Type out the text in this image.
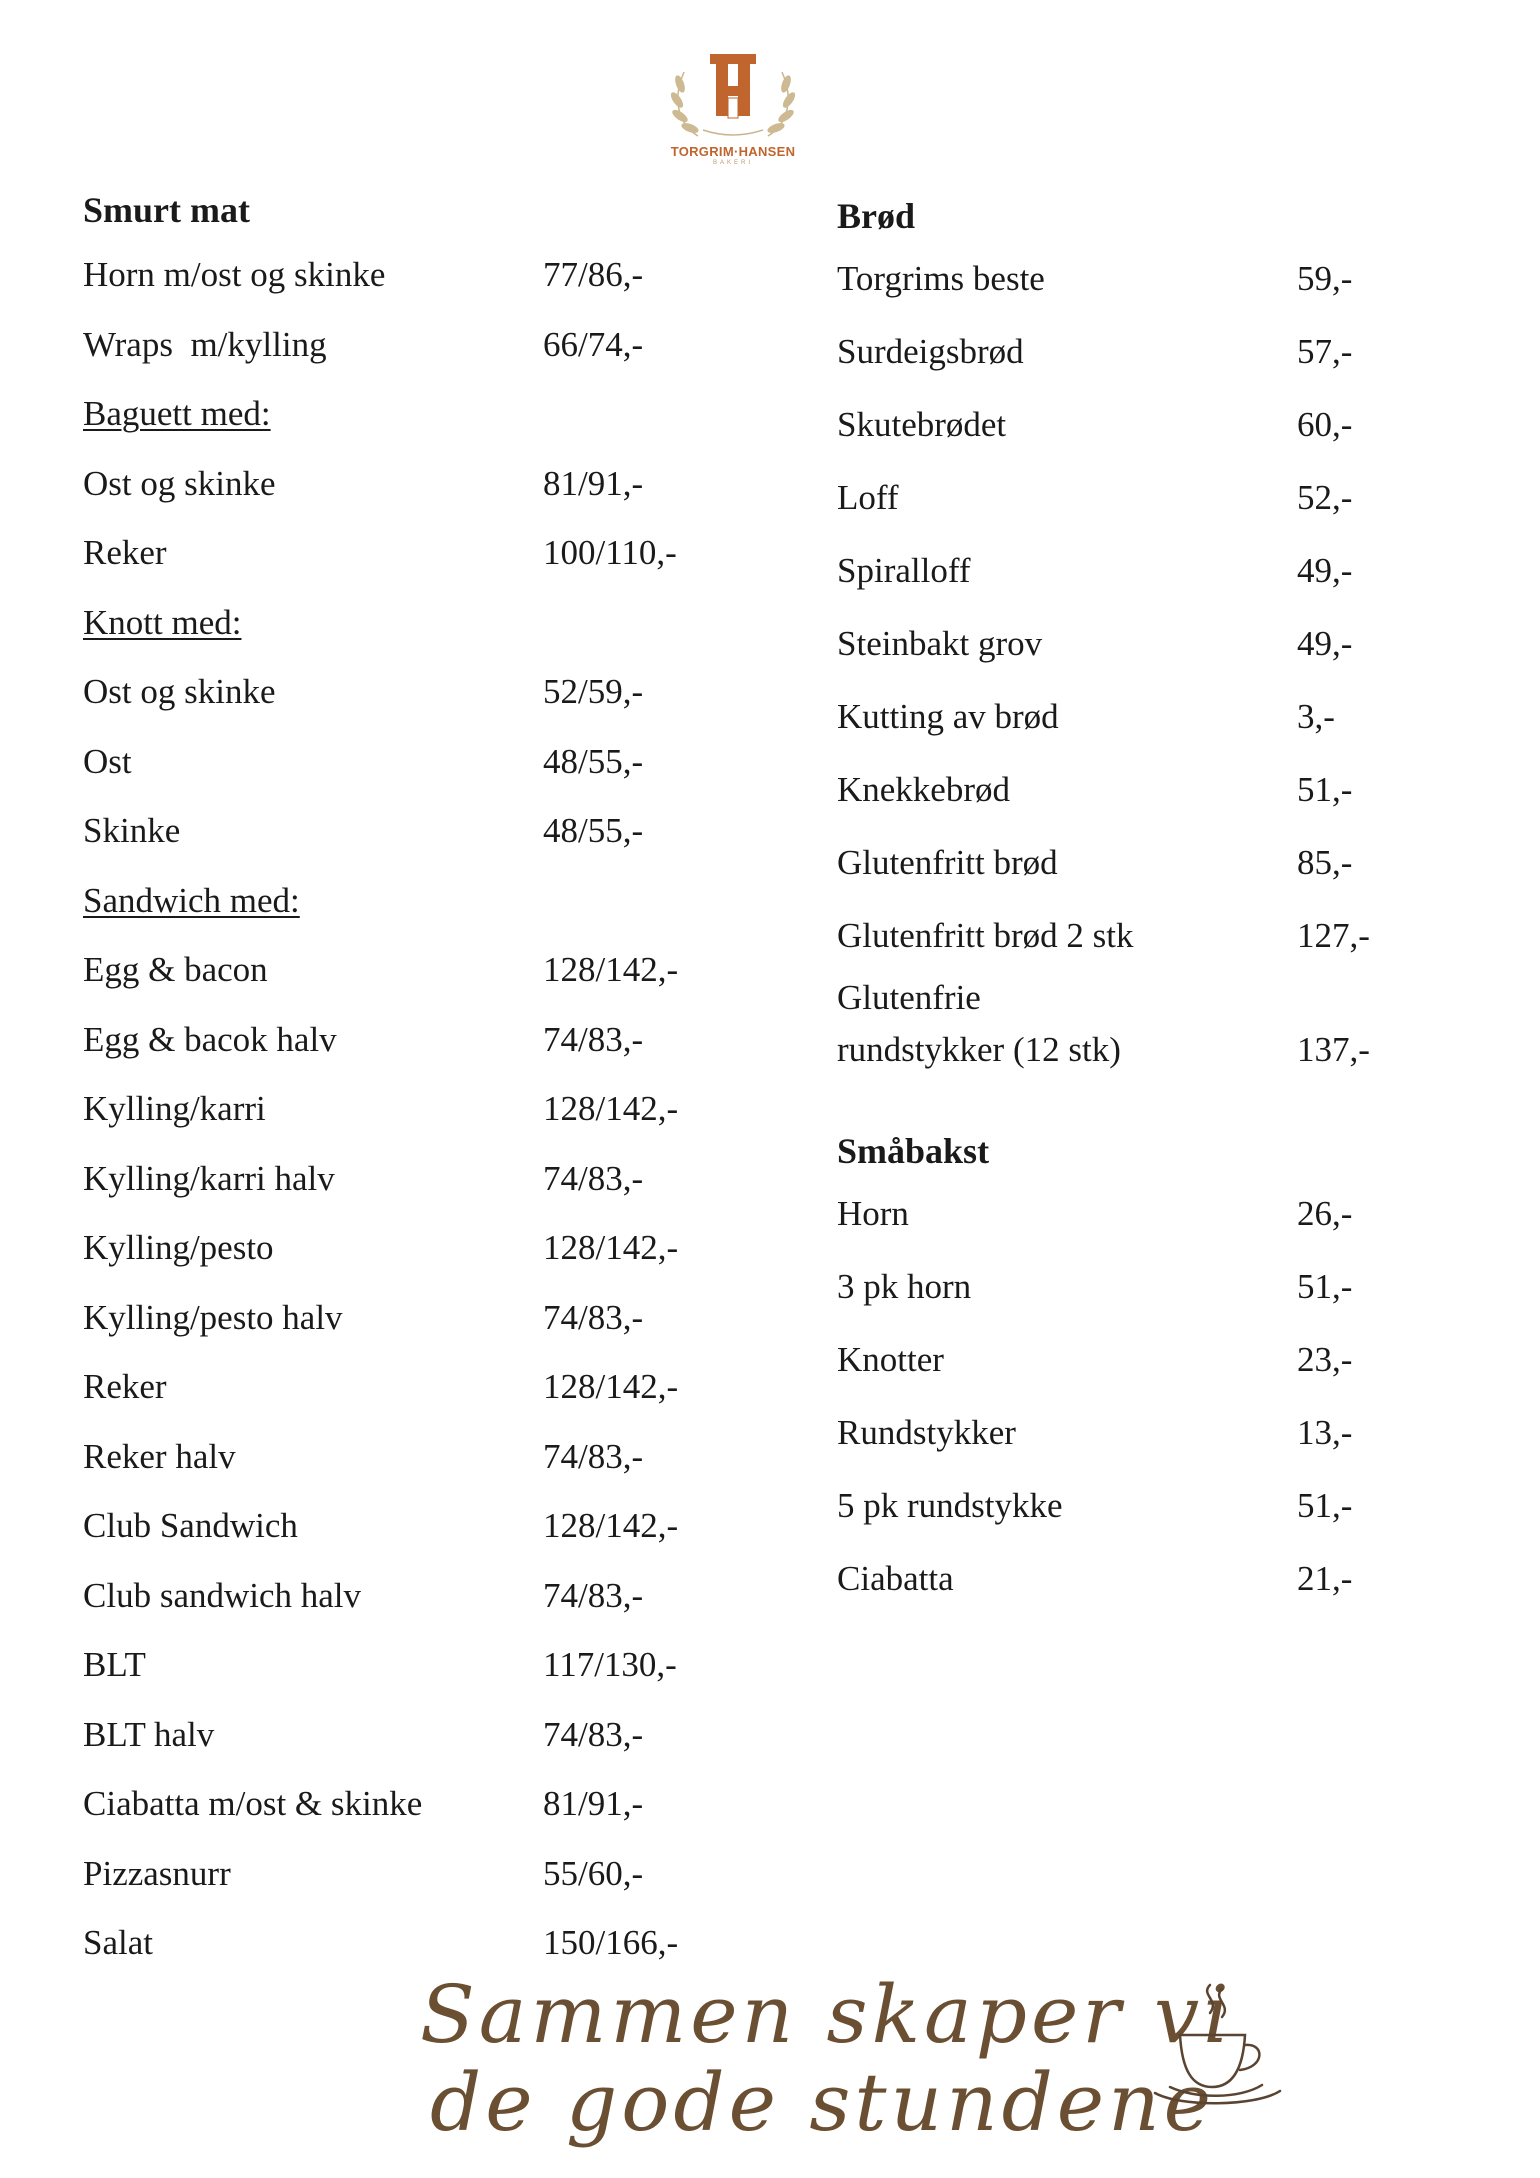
TORGRIM·HANSEN
BAKERI
Smurt mat
Horn m/ost og skinke	77/86,-
Wraps  m/kylling	66/74,-
Baguett med:
Ost og skinke	81/91,-
Reker	100/110,-
Knott med:
Ost og skinke	52/59,-
Ost	48/55,-
Skinke	48/55,-
Sandwich med:
Egg & bacon	128/142,-
Egg & bacok halv	74/83,-
Kylling/karri	128/142,-
Kylling/karri halv	74/83,-
Kylling/pesto	128/142,-
Kylling/pesto halv	74/83,-
Reker	128/142,-
Reker halv	74/83,-
Club Sandwich	128/142,-
Club sandwich halv	74/83,-
BLT	117/130,-
BLT halv	74/83,-
Ciabatta m/ost & skinke	81/91,-
Pizzasnurr	55/60,-
Salat	150/166,-
Brød
Torgrims beste	59,-
Surdeigsbrød	57,-
Skutebrødet	60,-
Loff	52,-
Spiralloff	49,-
Steinbakt grov	49,-
Kutting av brød	3,-
Knekkebrød	51,-
Glutenfritt brød	85,-
Glutenfritt brød 2 stk	127,-
Glutenfrie
rundstykker (12 stk)	137,-
Småbakst
Horn	26,-
3 pk horn	51,-
Knotter	23,-
Rundstykker	13,-
5 pk rundstykke	51,-
Ciabatta	21,-
Sammen skaper vi
de gode stundene
